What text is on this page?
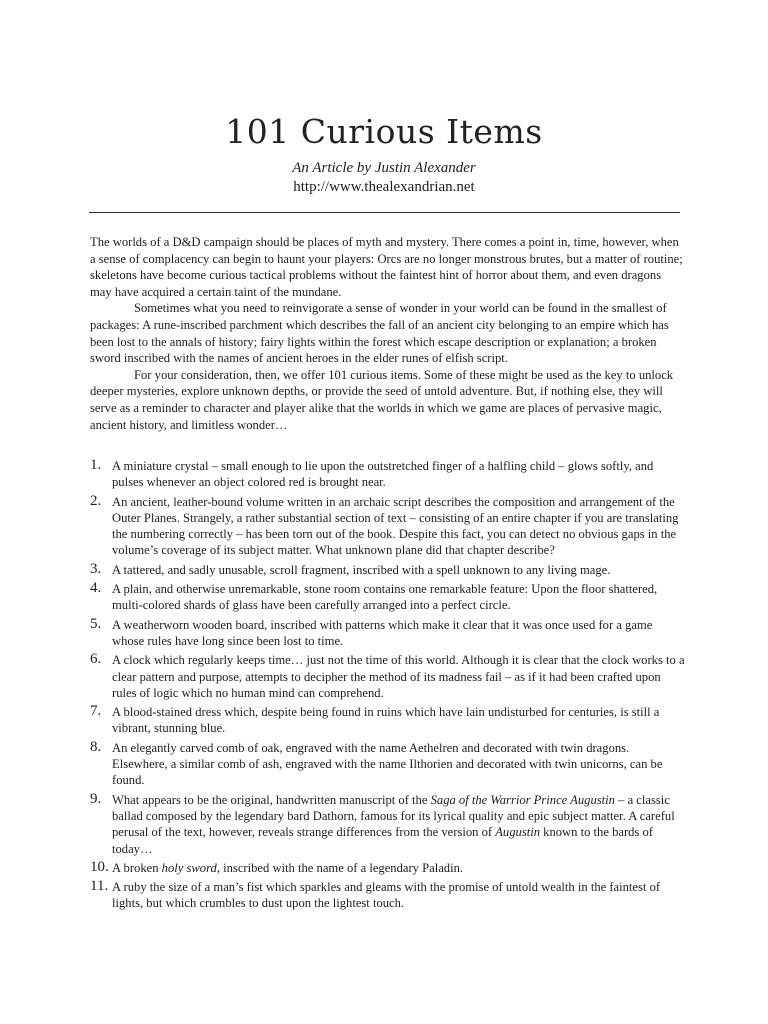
101 Curious Items

An Article by Justin Alexander

http://www.thealexandrian.net

The worlds of a D&D campaign should be places of myth and mystery. There comes a point in, time, however, when a sense of complacency can begin to haunt your players: Orcs are no longer monstrous brutes, but a matter of routine; skeletons have become curious tactical problems without the faintest hint of horror about them, and even dragons may have acquired a certain taint of the mundane.

Sometimes what you need to reinvigorate a sense of wonder in your world can be found in the smallest of packages: A rune-inscribed parchment which describes the fall of an ancient city belonging to an empire which has been lost to the annals of history; fairy lights within the forest which escape description or explanation; a broken sword inscribed with the names of ancient heroes in the elder runes of elfish script.

For your consideration, then, we offer 101 curious items. Some of these might be used as the key to unlock deeper mysteries, explore unknown depths, or provide the seed of untold adventure. But, if nothing else, they will serve as a reminder to character and player alike that the worlds in which we game are places of pervasive magic, ancient history, and limitless wonder…

1. A miniature crystal – small enough to lie upon the outstretched finger of a halfling child – glows softly, and pulses whenever an object colored red is brought near.
2. An ancient, leather-bound volume written in an archaic script describes the composition and arrangement of the Outer Planes. Strangely, a rather substantial section of text – consisting of an entire chapter if you are translating the numbering correctly – has been torn out of the book. Despite this fact, you can detect no obvious gaps in the volume’s coverage of its subject matter. What unknown plane did that chapter describe?
3. A tattered, and sadly unusable, scroll fragment, inscribed with a spell unknown to any living mage.
4. A plain, and otherwise unremarkable, stone room contains one remarkable feature: Upon the floor shattered, multi-colored shards of glass have been carefully arranged into a perfect circle.
5. A weatherworn wooden board, inscribed with patterns which make it clear that it was once used for a game whose rules have long since been lost to time.
6. A clock which regularly keeps time… just not the time of this world. Although it is clear that the clock works to a clear pattern and purpose, attempts to decipher the method of its madness fail – as if it had been crafted upon rules of logic which no human mind can comprehend.
7. A blood-stained dress which, despite being found in ruins which have lain undisturbed for centuries, is still a vibrant, stunning blue.
8. An elegantly carved comb of oak, engraved with the name Aethelren and decorated with twin dragons. Elsewhere, a similar comb of ash, engraved with the name Ilthorien and decorated with twin unicorns, can be found.
9. What appears to be the original, handwritten manuscript of the Saga of the Warrior Prince Augustin – a classic ballad composed by the legendary bard Dathorn, famous for its lyrical quality and epic subject matter. A careful perusal of the text, however, reveals strange differences from the version of Augustin known to the bards of today…
10. A broken holy sword, inscribed with the name of a legendary Paladin.
11. A ruby the size of a man’s fist which sparkles and gleams with the promise of untold wealth in the faintest of lights, but which crumbles to dust upon the lightest touch.
